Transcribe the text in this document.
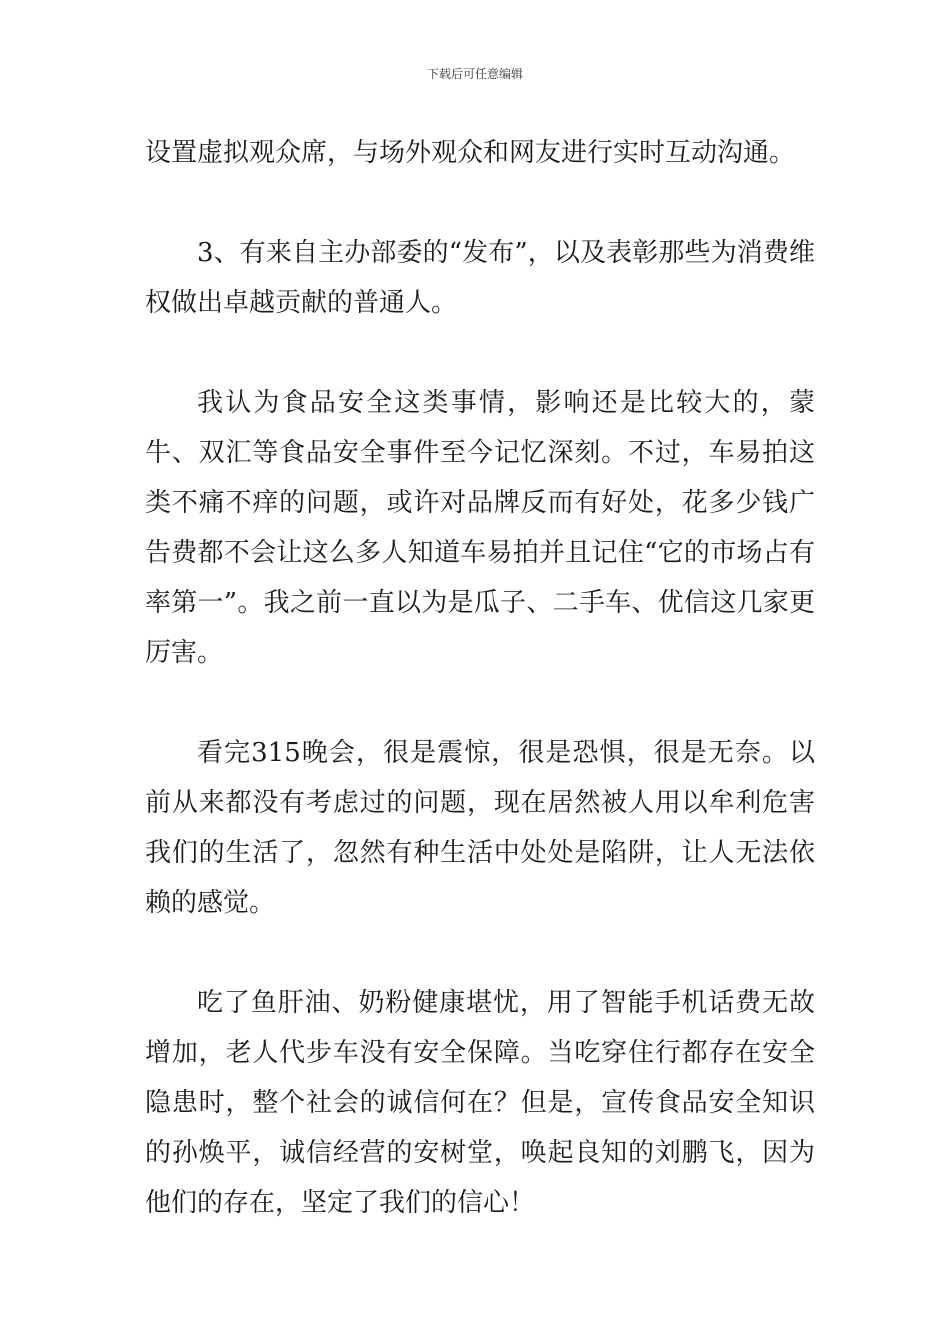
下载后可任意编辑

设置虚拟观众席，与场外观众和网友进行实时互动沟通。

3、有来自主办部委的“发布”，以及表彰那些为消费维权做出卓越贡献的普通人。

我认为食品安全这类事情，影响还是比较大的，蒙牛、双汇等食品安全事件至今记忆深刻。不过，车易拍这类不痛不痒的问题，或许对品牌反而有好处，花多少钱广告费都不会让这么多人知道车易拍并且记住“它的市场占有率第一”。我之前一直以为是瓜子、二手车、优信这几家更厉害。

看完315晚会，很是震惊，很是恐惧，很是无奈。以前从来都没有考虑过的问题，现在居然被人用以牟利危害我们的生活了，忽然有种生活中处处是陷阱，让人无法依赖的感觉。

吃了鱼肝油、奶粉健康堪忧，用了智能手机话费无故增加，老人代步车没有安全保障。当吃穿住行都存在安全隐患时，整个社会的诚信何在？但是，宣传食品安全知识的孙焕平，诚信经营的安树堂，唤起良知的刘鹏飞，因为他们的存在，坚定了我们的信心！
